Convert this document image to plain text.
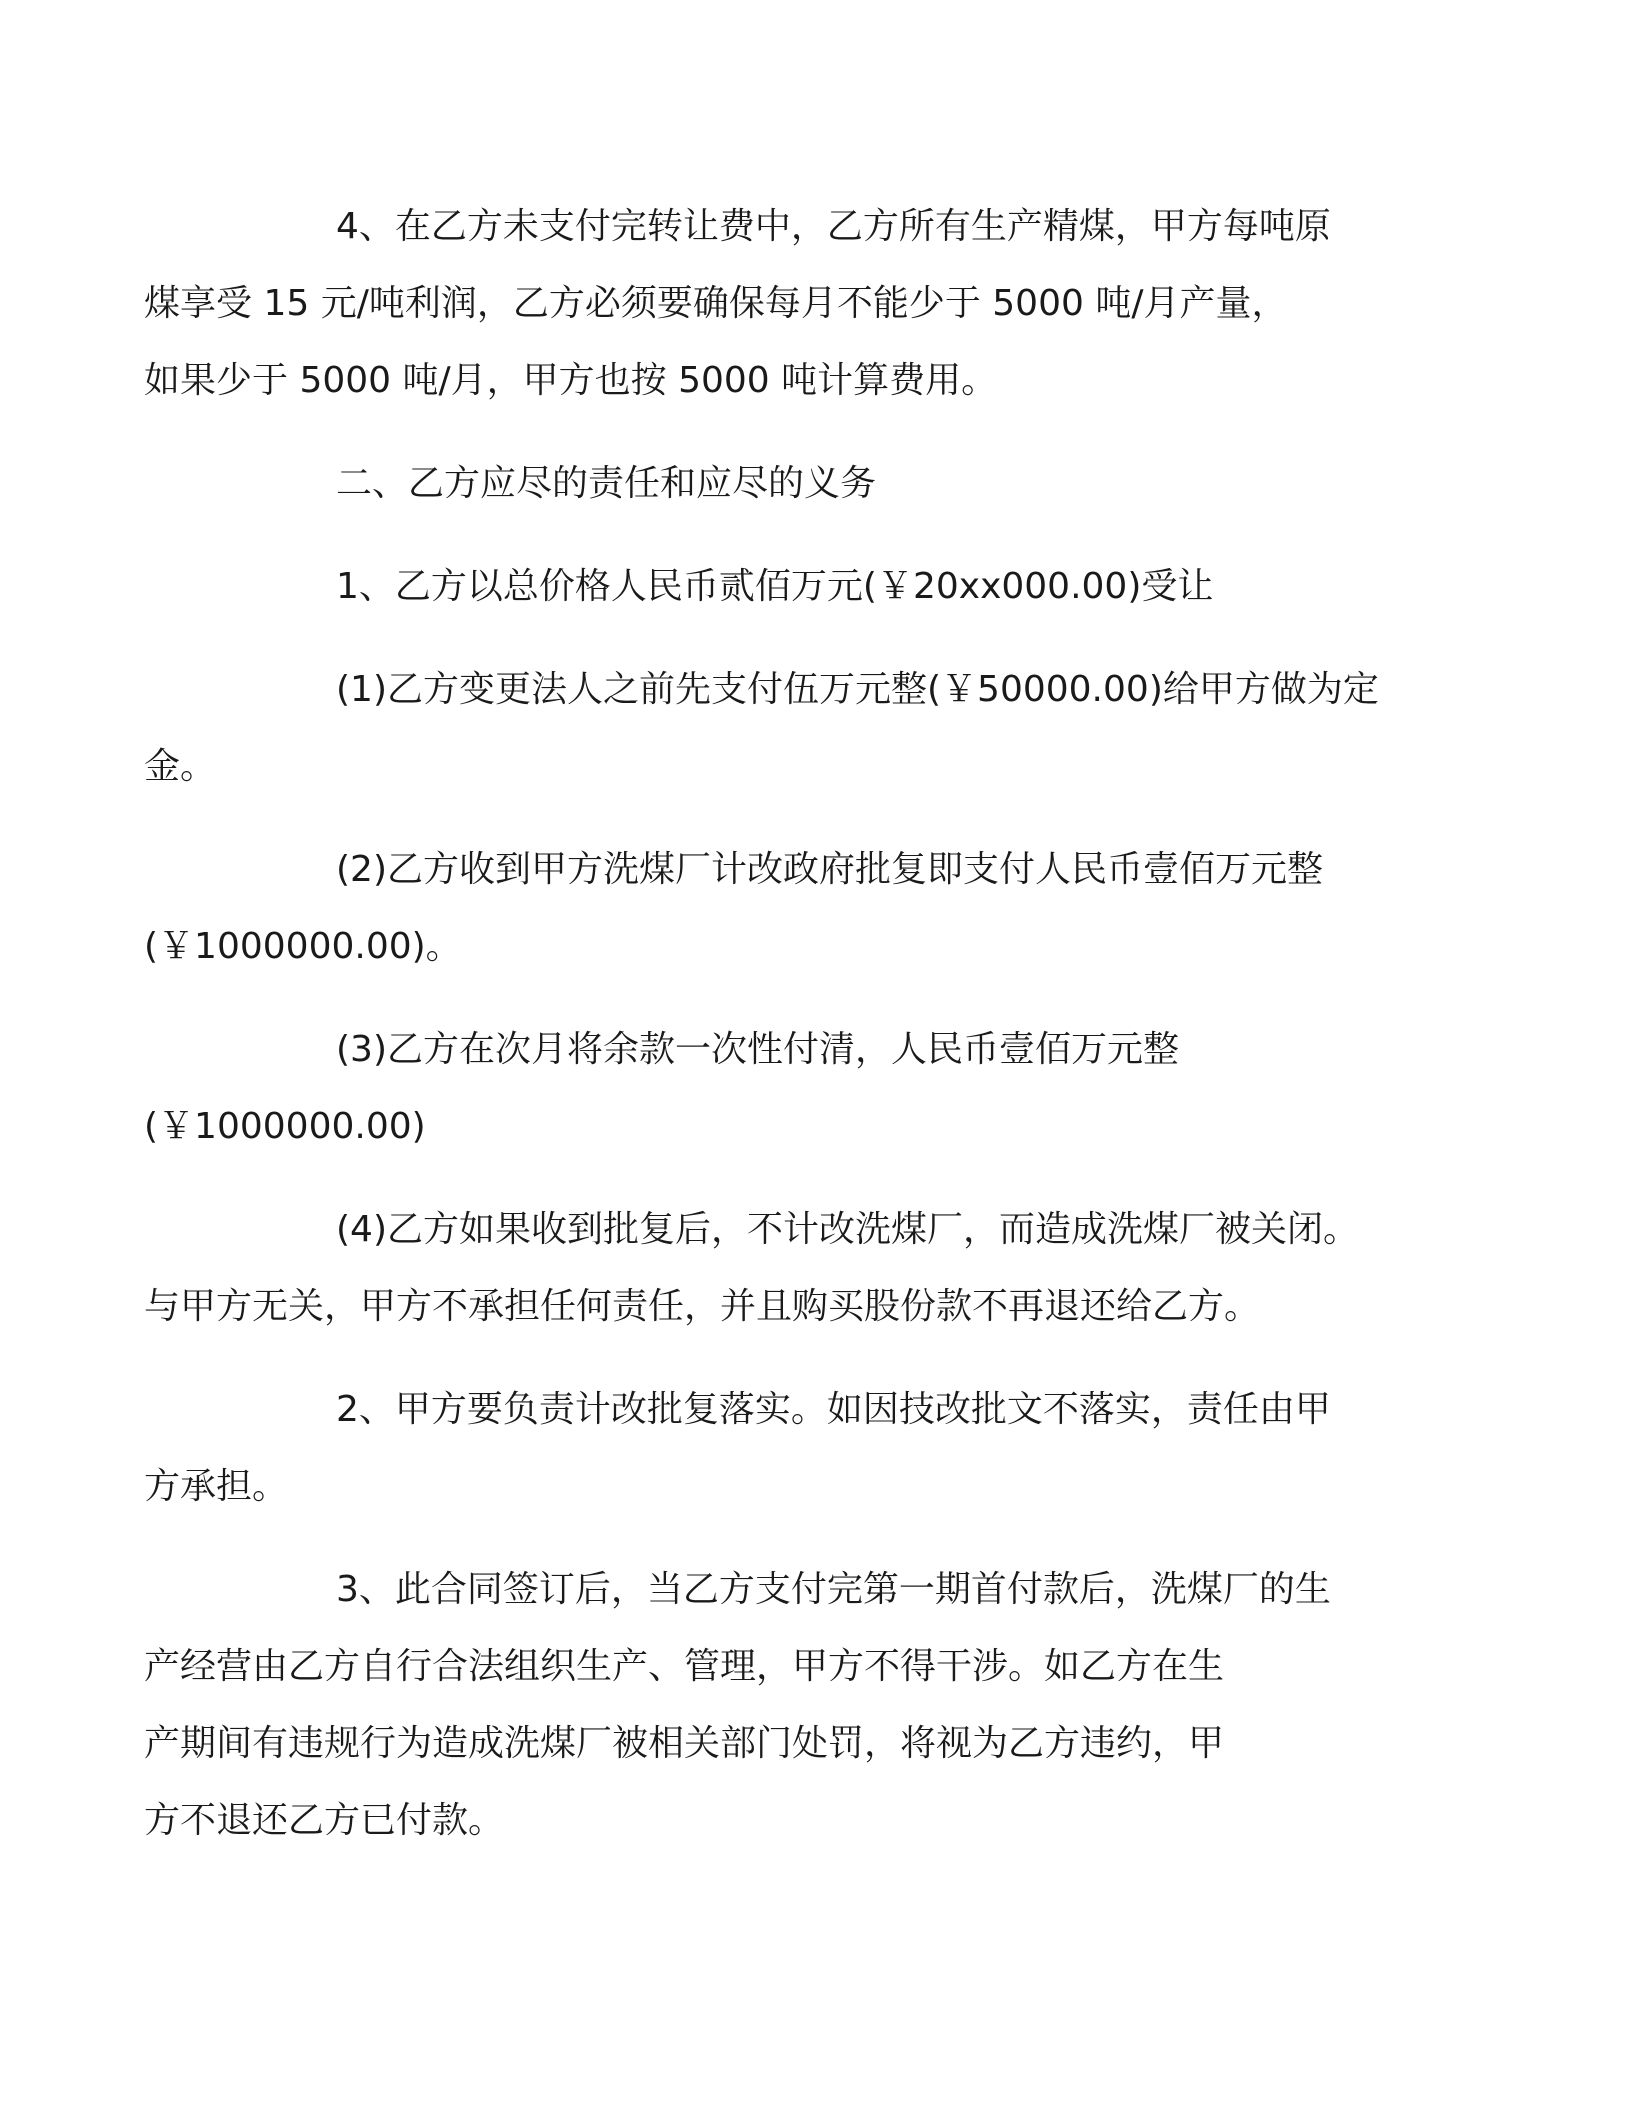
4、在乙方未支付完转让费中，乙方所有生产精煤，甲方每吨原
煤享受 15 元/吨利润，乙方必须要确保每月不能少于 5000 吨/月产量，
如果少于 5000 吨/月，甲方也按 5000 吨计算费用。
二、乙方应尽的责任和应尽的义务
1、乙方以总价格人民币贰佰万元(￥20xx000.00)受让
(1)乙方变更法人之前先支付伍万元整(￥50000.00)给甲方做为定
金。
(2)乙方收到甲方洗煤厂计改政府批复即支付人民币壹佰万元整
(￥1000000.00)。
(3)乙方在次月将余款一次性付清，人民币壹佰万元整
(￥1000000.00)
(4)乙方如果收到批复后，不计改洗煤厂，而造成洗煤厂被关闭。
与甲方无关，甲方不承担任何责任，并且购买股份款不再退还给乙方。
2、甲方要负责计改批复落实。如因技改批文不落实，责任由甲
方承担。
3、此合同签订后，当乙方支付完第一期首付款后，洗煤厂的生
产经营由乙方自行合法组织生产、管理，甲方不得干涉。如乙方在生
产期间有违规行为造成洗煤厂被相关部门处罚，将视为乙方违约，甲
方不退还乙方已付款。
